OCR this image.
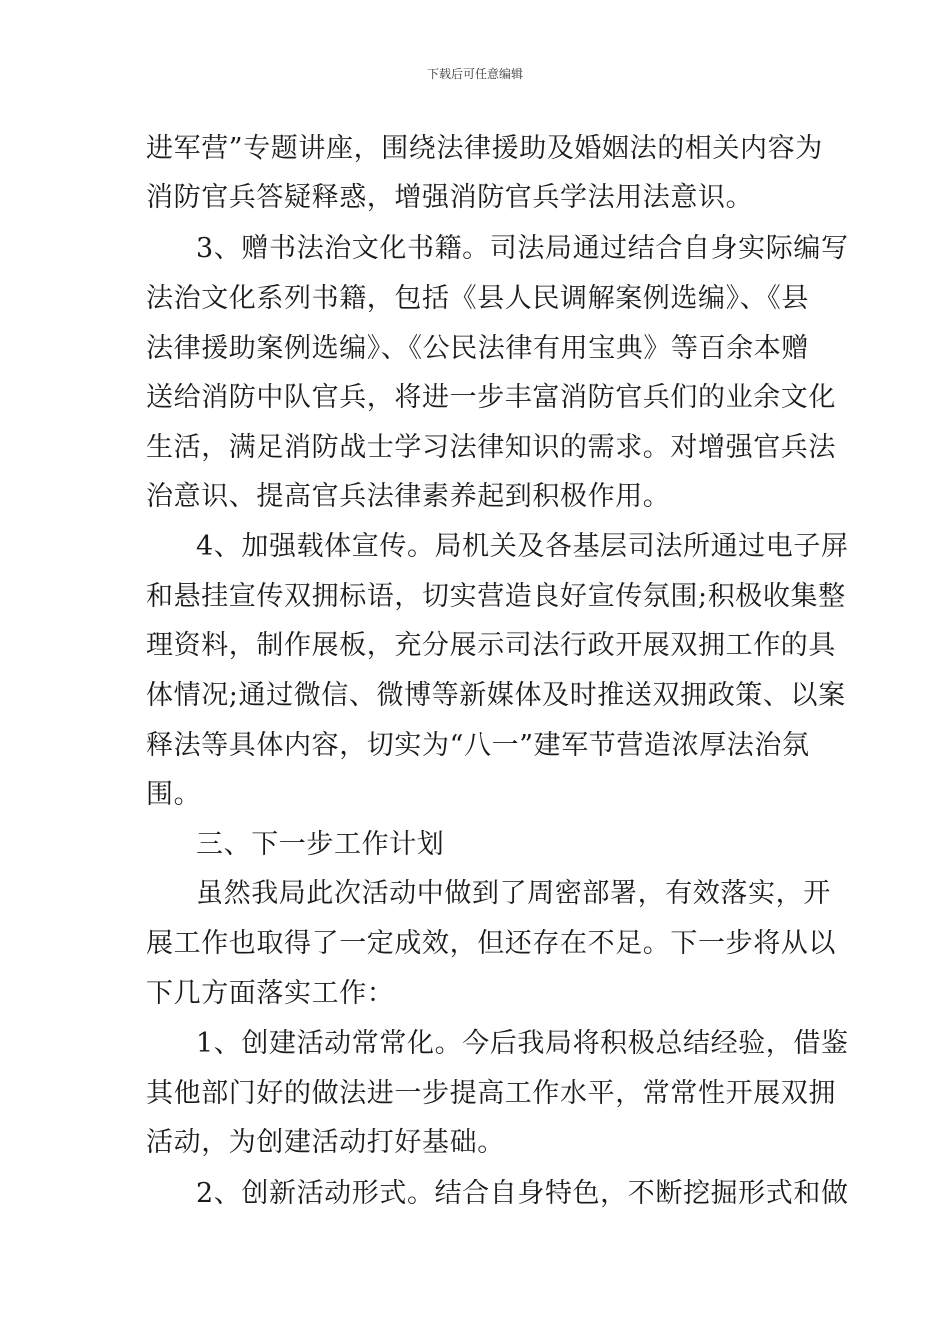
下载后可任意编辑
进军营”专题讲座，围绕法律援助及婚姻法的相关内容为
消防官兵答疑释惑，增强消防官兵学法用法意识。
3、赠书法治文化书籍。司法局通过结合自身实际编写
法治文化系列书籍，包括《县人民调解案例选编》、《县
法律援助案例选编》、《公民法律有用宝典》等百余本赠
送给消防中队官兵，将进一步丰富消防官兵们的业余文化
生活，满足消防战士学习法律知识的需求。对增强官兵法
治意识、提高官兵法律素养起到积极作用。
4、加强载体宣传。局机关及各基层司法所通过电子屏
和悬挂宣传双拥标语，切实营造良好宣传氛围;积极收集整
理资料，制作展板，充分展示司法行政开展双拥工作的具
体情况;通过微信、微博等新媒体及时推送双拥政策、以案
释法等具体内容，切实为“八一”建军节营造浓厚法治氛
围。
三、下一步工作计划
虽然我局此次活动中做到了周密部署，有效落实，开
展工作也取得了一定成效，但还存在不足。下一步将从以
下几方面落实工作：
1、创建活动常常化。今后我局将积极总结经验，借鉴
其他部门好的做法进一步提高工作水平，常常性开展双拥
活动，为创建活动打好基础。
2、创新活动形式。结合自身特色，不断挖掘形式和做
